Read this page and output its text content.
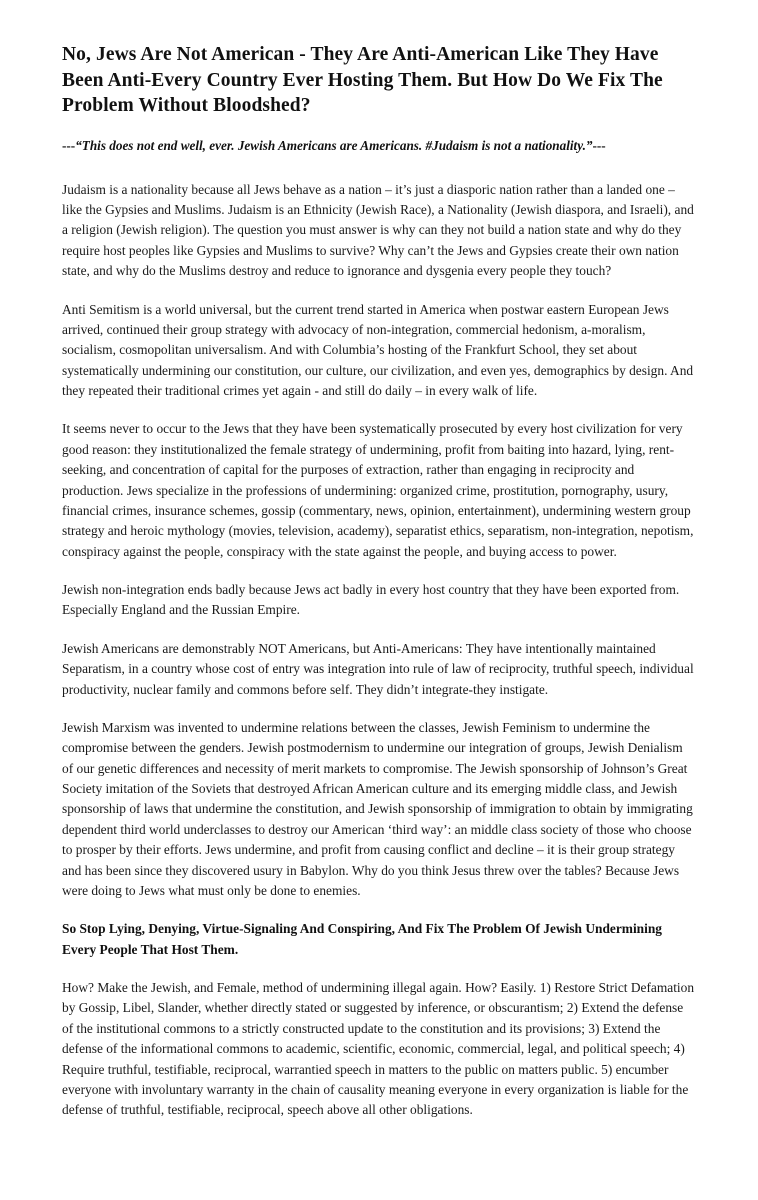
No, Jews Are Not American - They Are Anti-American Like They Have Been Anti-Every Country Ever Hosting Them. But How Do We Fix The Problem Without Bloodshed?

---“This does not end well, ever. Jewish Americans are Americans. #Judaism is not a nationality.”---

Judaism is a nationality because all Jews behave as a nation – it’s just a diasporic nation rather than a landed one – like the Gypsies and Muslims. Judaism is an Ethnicity (Jewish Race), a Nationality (Jewish diaspora, and Israeli), and a religion (Jewish religion). The question you must answer is why can they not build a nation state and why do they require host peoples like Gypsies and Muslims to survive? Why can’t the Jews and Gypsies create their own nation state, and why do the Muslims destroy and reduce to ignorance and dysgenia every people they touch?

Anti Semitism is a world universal, but the current trend started in America when postwar eastern European Jews arrived, continued their group strategy with advocacy of non-integration, commercial hedonism, a-moralism, socialism, cosmopolitan universalism. And with Columbia’s hosting of the Frankfurt School, they set about systematically undermining our constitution, our culture, our civilization, and even yes, demographics by design. And they repeated their traditional crimes yet again - and still do daily – in every walk of life.

It seems never to occur to the Jews that they have been systematically prosecuted by every host civilization for very good reason: they institutionalized the female strategy of undermining, profit from baiting into hazard, lying, rent-seeking, and concentration of capital for the purposes of extraction, rather than engaging in reciprocity and production. Jews specialize in the professions of undermining: organized crime, prostitution, pornography, usury, financial crimes, insurance schemes, gossip (commentary, news, opinion, entertainment), undermining western group strategy and heroic mythology (movies, television, academy), separatist ethics, separatism, non-integration, nepotism, conspiracy against the people, conspiracy with the state against the people, and buying access to power.

Jewish non-integration ends badly because Jews act badly in every host country that they have been exported from. Especially England and the Russian Empire.

Jewish Americans are demonstrably NOT Americans, but Anti-Americans: They have intentionally maintained Separatism, in a country whose cost of entry was integration into rule of law of reciprocity, truthful speech, individual productivity, nuclear family and commons before self. They didn’t integrate-they instigate.

Jewish Marxism was invented to undermine relations between the classes, Jewish Feminism to undermine the compromise between the genders. Jewish postmodernism to undermine our integration of groups, Jewish Denialism of our genetic differences and necessity of merit markets to compromise. The Jewish sponsorship of Johnson’s Great Society imitation of the Soviets that destroyed African American culture and its emerging middle class, and Jewish sponsorship of laws that undermine the constitution, and Jewish sponsorship of immigration to obtain by immigrating dependent third world underclasses to destroy our American ‘third way’: an middle class society of those who choose to prosper by their efforts. Jews undermine, and profit from causing conflict and decline – it is their group strategy and has been since they discovered usury in Babylon. Why do you think Jesus threw over the tables? Because Jews were doing to Jews what must only be done to enemies.

So Stop Lying, Denying, Virtue-Signaling And Conspiring, And Fix The Problem Of Jewish Undermining Every People That Host Them.

How? Make the Jewish, and Female, method of undermining illegal again. How? Easily. 1) Restore Strict Defamation by Gossip, Libel, Slander, whether directly stated or suggested by inference, or obscurantism; 2) Extend the defense of the institutional commons to a strictly constructed update to the constitution and its provisions; 3) Extend the defense of the informational commons to academic, scientific, economic, commercial, legal, and political speech; 4) Require truthful, testifiable, reciprocal, warrantied speech in matters to the public on matters public. 5) encumber everyone with involuntary warranty in the chain of causality meaning everyone in every organization is liable for the defense of truthful, testifiable, reciprocal, speech above all other obligations.
